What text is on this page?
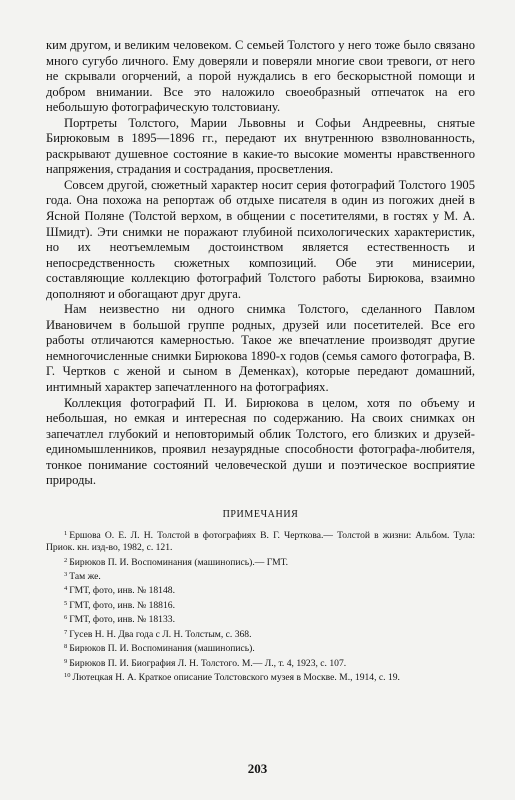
ким другом, и великим человеком. С семьей Толстого у него тоже было связано много сугубо личного. Ему доверяли и поверяли многие свои тревоги, от него не скрывали огорчений, а порой нуждались в его бескорыстной помощи и добром внимании. Все это наложило своеобразный отпечаток на его небольшую фотографическую толстовиану.

Портреты Толстого, Марии Львовны и Софьи Андреевны, снятые Бирюковым в 1895—1896 гг., передают их внутреннюю взволнованность, раскрывают душевное состояние в какие-то высокие моменты нравственного напряжения, страдания и сострадания, просветления.

Совсем другой, сюжетный характер носит серия фотографий Толстого 1905 года. Она похожа на репортаж об отдыхе писателя в один из погожих дней в Ясной Поляне (Толстой верхом, в общении с посетителями, в гостях у М. А. Шмидт). Эти снимки не поражают глубиной психологических характеристик, но их неотъемлемым достоинством является естественность и непосредственность сюжетных композиций. Обе эти минисерии, составляющие коллекцию фотографий Толстого работы Бирюкова, взаимно дополняют и обогащают друг друга.

Нам неизвестно ни одного снимка Толстого, сделанного Павлом Ивановичем в большой группе родных, друзей или посетителей. Все его работы отличаются камерностью. Такое же впечатление производят другие немногочисленные снимки Бирюкова 1890-х годов (семья самого фотографа, В. Г. Чертков с женой и сыном в Деменках), которые передают домашний, интимный характер запечатленного на фотографиях.

Коллекция фотографий П. И. Бирюкова в целом, хотя по объему и небольшая, но емкая и интересная по содержанию. На своих снимках он запечатлел глубокий и неповторимый облик Толстого, его близких и друзей-единомышленников, проявил незаурядные способности фотографа-любителя, тонкое понимание состояний человеческой души и поэтическое восприятие природы.

ПРИМЕЧАНИЯ

$^1$ Ершова О. Е. Л. Н. Толстой в фотографиях В. Г. Черткова.— Толстой в жизни: Альбом. Тула: Приок. кн. изд-во, 1982, с. 121.

$^2$ Бирюков П. И. Воспоминания (машинопись).— ГМТ.

$^3$ Там же.

$^4$ ГМТ, фото, инв. № 18148.

$^5$ ГМТ, фото, инв. № 18816.

$^6$ ГМТ, фото, инв. № 18133.

$^7$ Гусев Н. Н. Два года с Л. Н. Толстым, с. 368.

$^8$ Бирюков П. И. Воспоминания (машинопись).

$^9$ Бирюков П. И. Биография Л. Н. Толстого. М.— Л., т. 4, 1923, с. 107.

$^{10}$ Лютецкая Н. А. Краткое описание Толстовского музея в Москве. М., 1914, с. 19.

203
